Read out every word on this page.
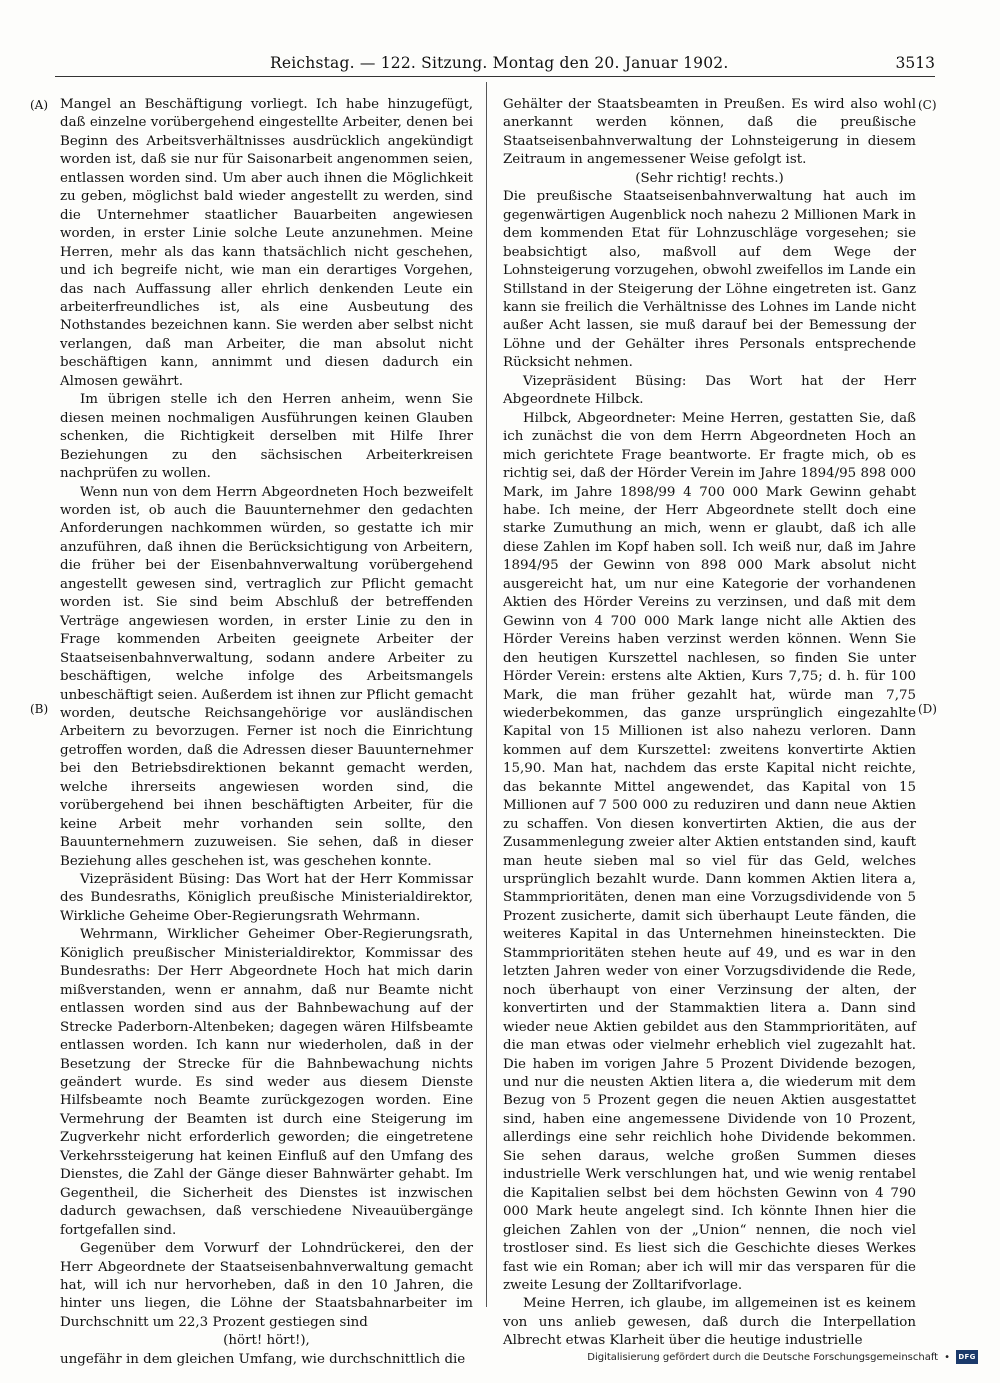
Reichstag. — 122. Sitzung. Montag den 20. Januar 1902.	3513
(A)
(B)
(C)
(D)

Mangel an Beschäftigung vorliegt. Ich habe hinzugefügt, daß einzelne vorübergehend eingestellte Arbeiter, denen bei Beginn des Arbeitsverhältnisses ausdrücklich angekündigt worden ist, daß sie nur für Saisonarbeit angenommen seien, entlassen worden sind. Um aber auch ihnen die Möglichkeit zu geben, möglichst bald wieder angestellt zu werden, sind die Unternehmer staatlicher Bauarbeiten angewiesen worden, in erster Linie solche Leute anzunehmen. Meine Herren, mehr als das kann thatsächlich nicht geschehen, und ich begreife nicht, wie man ein derartiges Vorgehen, das nach Auffassung aller ehrlich denkenden Leute ein arbeiterfreundliches ist, als eine Ausbeutung des Nothstandes bezeichnen kann. Sie werden aber selbst nicht verlangen, daß man Arbeiter, die man absolut nicht beschäftigen kann, annimmt und diesen dadurch ein Almosen gewährt.

Im übrigen stelle ich den Herren anheim, wenn Sie diesen meinen nochmaligen Ausführungen keinen Glauben schenken, die Richtigkeit derselben mit Hilfe Ihrer Beziehungen zu den sächsischen Arbeiterkreisen nachprüfen zu wollen.

Wenn nun von dem Herrn Abgeordneten Hoch bezweifelt worden ist, ob auch die Bauunternehmer den gedachten Anforderungen nachkommen würden, so gestatte ich mir anzuführen, daß ihnen die Berücksichtigung von Arbeitern, die früher bei der Eisenbahnverwaltung vorübergehend angestellt gewesen sind, vertraglich zur Pflicht gemacht worden ist. Sie sind beim Abschluß der betreffenden Verträge angewiesen worden, in erster Linie zu den in Frage kommenden Arbeiten geeignete Arbeiter der Staatseisenbahnverwaltung, sodann andere Arbeiter zu beschäftigen, welche infolge des Arbeitsmangels unbeschäftigt seien. Außerdem ist ihnen zur Pflicht gemacht worden, deutsche Reichsangehörige vor ausländischen Arbeitern zu bevorzugen. Ferner ist noch die Einrichtung getroffen worden, daß die Adressen dieser Bauunternehmer bei den Betriebsdirektionen bekannt gemacht werden, welche ihrerseits angewiesen worden sind, die vorübergehend bei ihnen beschäftigten Arbeiter, für die keine Arbeit mehr vorhanden sein sollte, den Bauunternehmern zuzuweisen. Sie sehen, daß in dieser Beziehung alles geschehen ist, was geschehen konnte.

Vizepräsident Büsing: Das Wort hat der Herr Kommissar des Bundesraths, Königlich preußische Ministerialdirektor, Wirkliche Geheime Ober-Regierungsrath Wehrmann.

Wehrmann, Wirklicher Geheimer Ober-Regierungsrath, Königlich preußischer Ministerialdirektor, Kommissar des Bundesraths: Der Herr Abgeordnete Hoch hat mich darin mißverstanden, wenn er annahm, daß nur Beamte nicht entlassen worden sind aus der Bahnbewachung auf der Strecke Paderborn-Altenbeken; dagegen wären Hilfsbeamte entlassen worden. Ich kann nur wiederholen, daß in der Besetzung der Strecke für die Bahnbewachung nichts geändert wurde. Es sind weder aus diesem Dienste Hilfsbeamte noch Beamte zurückgezogen worden. Eine Vermehrung der Beamten ist durch eine Steigerung im Zugverkehr nicht erforderlich geworden; die eingetretene Verkehrssteigerung hat keinen Einfluß auf den Umfang des Dienstes, die Zahl der Gänge dieser Bahnwärter gehabt. Im Gegentheil, die Sicherheit des Dienstes ist inzwischen dadurch gewachsen, daß verschiedene Niveauübergänge fortgefallen sind.

Gegenüber dem Vorwurf der Lohndrückerei, den der Herr Abgeordnete der Staatseisenbahnverwaltung gemacht hat, will ich nur hervorheben, daß in den 10 Jahren, die hinter uns liegen, die Löhne der Staatsbahnarbeiter im Durchschnitt um 22,3 Prozent gestiegen sind

(hört! hört!),

ungefähr in dem gleichen Umfang, wie durchschnittlich die

Gehälter der Staatsbeamten in Preußen. Es wird also wohl anerkannt werden können, daß die preußische Staatseisenbahnverwaltung der Lohnsteigerung in diesem Zeitraum in angemessener Weise gefolgt ist.

(Sehr richtig! rechts.)

Die preußische Staatseisenbahnverwaltung hat auch im gegenwärtigen Augenblick noch nahezu 2 Millionen Mark in dem kommenden Etat für Lohnzuschläge vorgesehen; sie beabsichtigt also, maßvoll auf dem Wege der Lohnsteigerung vorzugehen, obwohl zweifellos im Lande ein Stillstand in der Steigerung der Löhne eingetreten ist. Ganz kann sie freilich die Verhältnisse des Lohnes im Lande nicht außer Acht lassen, sie muß darauf bei der Bemessung der Löhne und der Gehälter ihres Personals entsprechende Rücksicht nehmen.

Vizepräsident Büsing: Das Wort hat der Herr Abgeordnete Hilbck.

Hilbck, Abgeordneter: Meine Herren, gestatten Sie, daß ich zunächst die von dem Herrn Abgeordneten Hoch an mich gerichtete Frage beantworte. Er fragte mich, ob es richtig sei, daß der Hörder Verein im Jahre 1894/95 898 000 Mark, im Jahre 1898/99 4 700 000 Mark Gewinn gehabt habe. Ich meine, der Herr Abgeordnete stellt doch eine starke Zumuthung an mich, wenn er glaubt, daß ich alle diese Zahlen im Kopf haben soll. Ich weiß nur, daß im Jahre 1894/95 der Gewinn von 898 000 Mark absolut nicht ausgereicht hat, um nur eine Kategorie der vorhandenen Aktien des Hörder Vereins zu verzinsen, und daß mit dem Gewinn von 4 700 000 Mark lange nicht alle Aktien des Hörder Vereins haben verzinst werden können. Wenn Sie den heutigen Kurszettel nachlesen, so finden Sie unter Hörder Verein: erstens alte Aktien, Kurs 7,75; d. h. für 100 Mark, die man früher gezahlt hat, würde man 7,75 wiederbekommen, das ganze ursprünglich eingezahlte Kapital von 15 Millionen ist also nahezu verloren. Dann kommen auf dem Kurszettel: zweitens konvertirte Aktien 15,90. Man hat, nachdem das erste Kapital nicht reichte, das bekannte Mittel angewendet, das Kapital von 15 Millionen auf 7 500 000 zu reduziren und dann neue Aktien zu schaffen. Von diesen konvertirten Aktien, die aus der Zusammenlegung zweier alter Aktien entstanden sind, kauft man heute sieben mal so viel für das Geld, welches ursprünglich bezahlt wurde. Dann kommen Aktien litera a, Stammprioritäten, denen man eine Vorzugsdividende von 5 Prozent zusicherte, damit sich überhaupt Leute fänden, die weiteres Kapital in das Unternehmen hineinsteckten. Die Stammprioritäten stehen heute auf 49, und es war in den letzten Jahren weder von einer Vorzugsdividende die Rede, noch überhaupt von einer Verzinsung der alten, der konvertirten und der Stammaktien litera a. Dann sind wieder neue Aktien gebildet aus den Stammprioritäten, auf die man etwas oder vielmehr erheblich viel zugezahlt hat. Die haben im vorigen Jahre 5 Prozent Dividende bezogen, und nur die neusten Aktien litera a, die wiederum mit dem Bezug von 5 Prozent gegen die neuen Aktien ausgestattet sind, haben eine angemessene Dividende von 10 Prozent, allerdings eine sehr reichlich hohe Dividende bekommen. Sie sehen daraus, welche großen Summen dieses industrielle Werk verschlungen hat, und wie wenig rentabel die Kapitalien selbst bei dem höchsten Gewinn von 4 790 000 Mark heute angelegt sind. Ich könnte Ihnen hier die gleichen Zahlen von der „Union“ nennen, die noch viel trostloser sind. Es liest sich die Geschichte dieses Werkes fast wie ein Roman; aber ich will mir das versparen für die zweite Lesung der Zolltarifvorlage.

Meine Herren, ich glaube, im allgemeinen ist es keinem von uns anlieb gewesen, daß durch die Interpellation Albrecht etwas Klarheit über die heutige industrielle

Digitalisierung gefördert durch die Deutsche Forschungsgemeinschaft •	DFG
